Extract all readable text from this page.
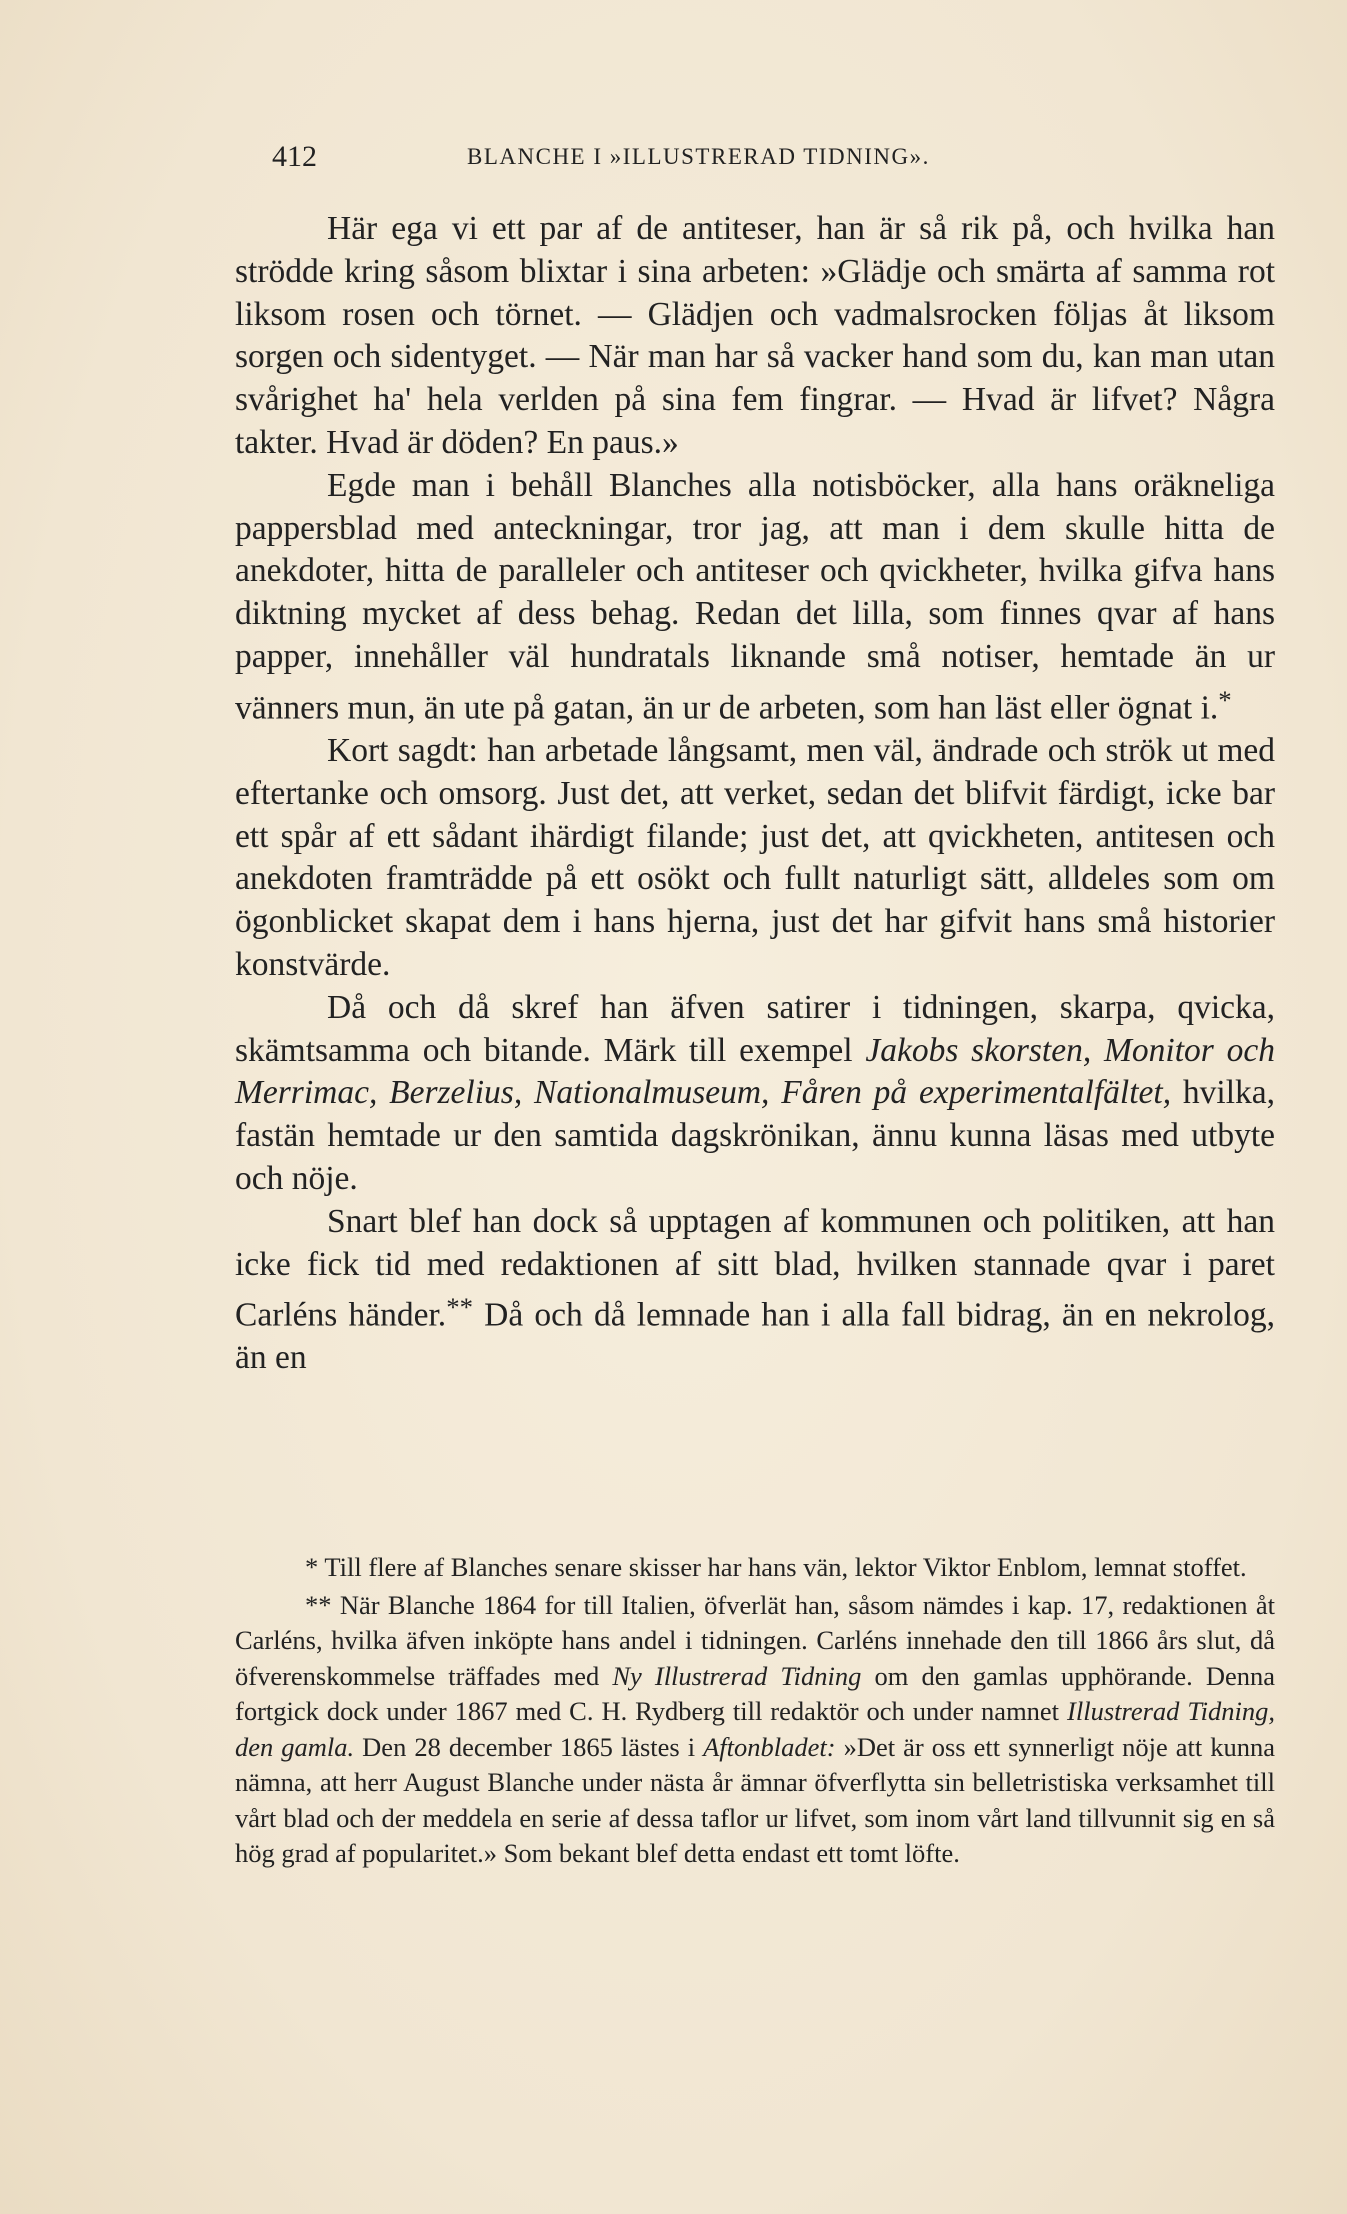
412	BLANCHE I »ILLUSTRERAD TIDNING».

Här ega vi ett par af de antiteser, han är så rik på, och hvilka han strödde kring såsom blixtar i sina arbeten: »Glädje och smärta af samma rot liksom rosen och törnet. — Glädjen och vadmalsrocken följas åt liksom sorgen och sidentyget. — När man har så vacker hand som du, kan man utan svårighet ha' hela verlden på sina fem fingrar. — Hvad är lifvet? Några takter. Hvad är döden? En paus.»

Egde man i behåll Blanches alla notisböcker, alla hans oräkneliga pappersblad med anteckningar, tror jag, att man i dem skulle hitta de anekdoter, hitta de paralleler och antiteser och qvickheter, hvilka gifva hans diktning mycket af dess behag. Redan det lilla, som finnes qvar af hans papper, innehåller väl hundratals liknande små notiser, hemtade än ur vänners mun, än ute på gatan, än ur de arbeten, som han läst eller ögnat i.*

Kort sagdt: han arbetade långsamt, men väl, ändrade och strök ut med eftertanke och omsorg. Just det, att verket, sedan det blifvit färdigt, icke bar ett spår af ett sådant ihärdigt filande; just det, att qvickheten, antitesen och anekdoten framträdde på ett osökt och fullt naturligt sätt, alldeles som om ögonblicket skapat dem i hans hjerna, just det har gifvit hans små historier konstvärde.

Då och då skref han äfven satirer i tidningen, skarpa, qvicka, skämtsamma och bitande. Märk till exempel Jakobs skorsten, Monitor och Merrimac, Berzelius, Nationalmuseum, Fåren på experimentalfältet, hvilka, fastän hemtade ur den samtida dagskrönikan, ännu kunna läsas med utbyte och nöje.

Snart blef han dock så upptagen af kommunen och politiken, att han icke fick tid med redaktionen af sitt blad, hvilken stannade qvar i paret Carléns händer.** Då och då lemnade han i alla fall bidrag, än en nekrolog, än en

* Till flere af Blanches senare skisser har hans vän, lektor Viktor Enblom, lemnat stoffet.

** När Blanche 1864 for till Italien, öfverlät han, såsom nämdes i kap. 17, redaktionen åt Carléns, hvilka äfven inköpte hans andel i tidningen. Carléns innehade den till 1866 års slut, då öfverenskommelse träffades med Ny Illustrerad Tidning om den gamlas upphörande. Denna fortgick dock under 1867 med C. H. Rydberg till redaktör och under namnet Illustrerad Tidning, den gamla. Den 28 december 1865 lästes i Aftonbladet: »Det är oss ett synnerligt nöje att kunna nämna, att herr August Blanche under nästa år ämnar öfverflytta sin belletristiska verksamhet till vårt blad och der meddela en serie af dessa taflor ur lifvet, som inom vårt land tillvunnit sig en så hög grad af popularitet.» Som bekant blef detta endast ett tomt löfte.
